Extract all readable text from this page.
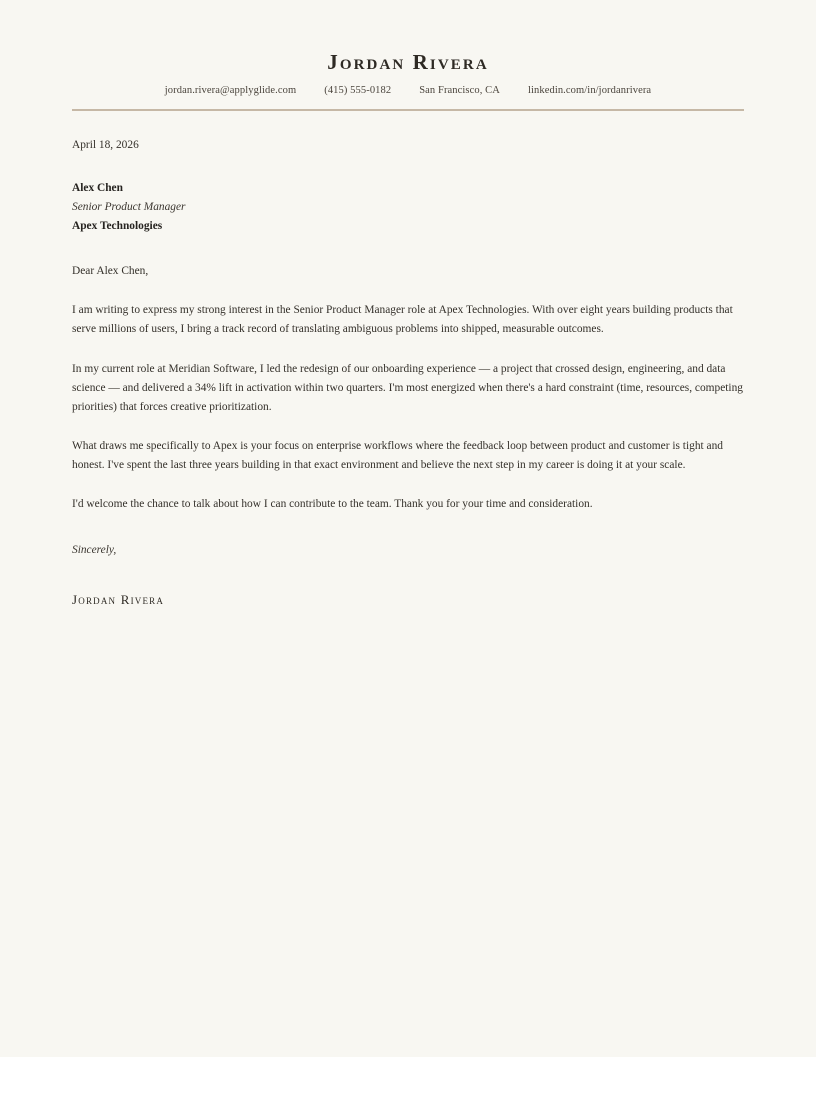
Jordan Rivera
jordan.rivera@applyglide.com	(415) 555-0182	San Francisco, CA	linkedin.com/in/jordanrivera

April 18, 2026

Alex Chen
Senior Product Manager
Apex Technologies

Dear Alex Chen,

I am writing to express my strong interest in the Senior Product Manager role at Apex Technologies. With over eight years building products that serve millions of users, I bring a track record of translating ambiguous problems into shipped, measurable outcomes.

In my current role at Meridian Software, I led the redesign of our onboarding experience — a project that crossed design, engineering, and data science — and delivered a 34% lift in activation within two quarters. I'm most energized when there's a hard constraint (time, resources, competing priorities) that forces creative prioritization.

What draws me specifically to Apex is your focus on enterprise workflows where the feedback loop between product and customer is tight and honest. I've spent the last three years building in that exact environment and believe the next step in my career is doing it at your scale.

I'd welcome the chance to talk about how I can contribute to the team. Thank you for your time and consideration.

Sincerely,

Jordan Rivera
